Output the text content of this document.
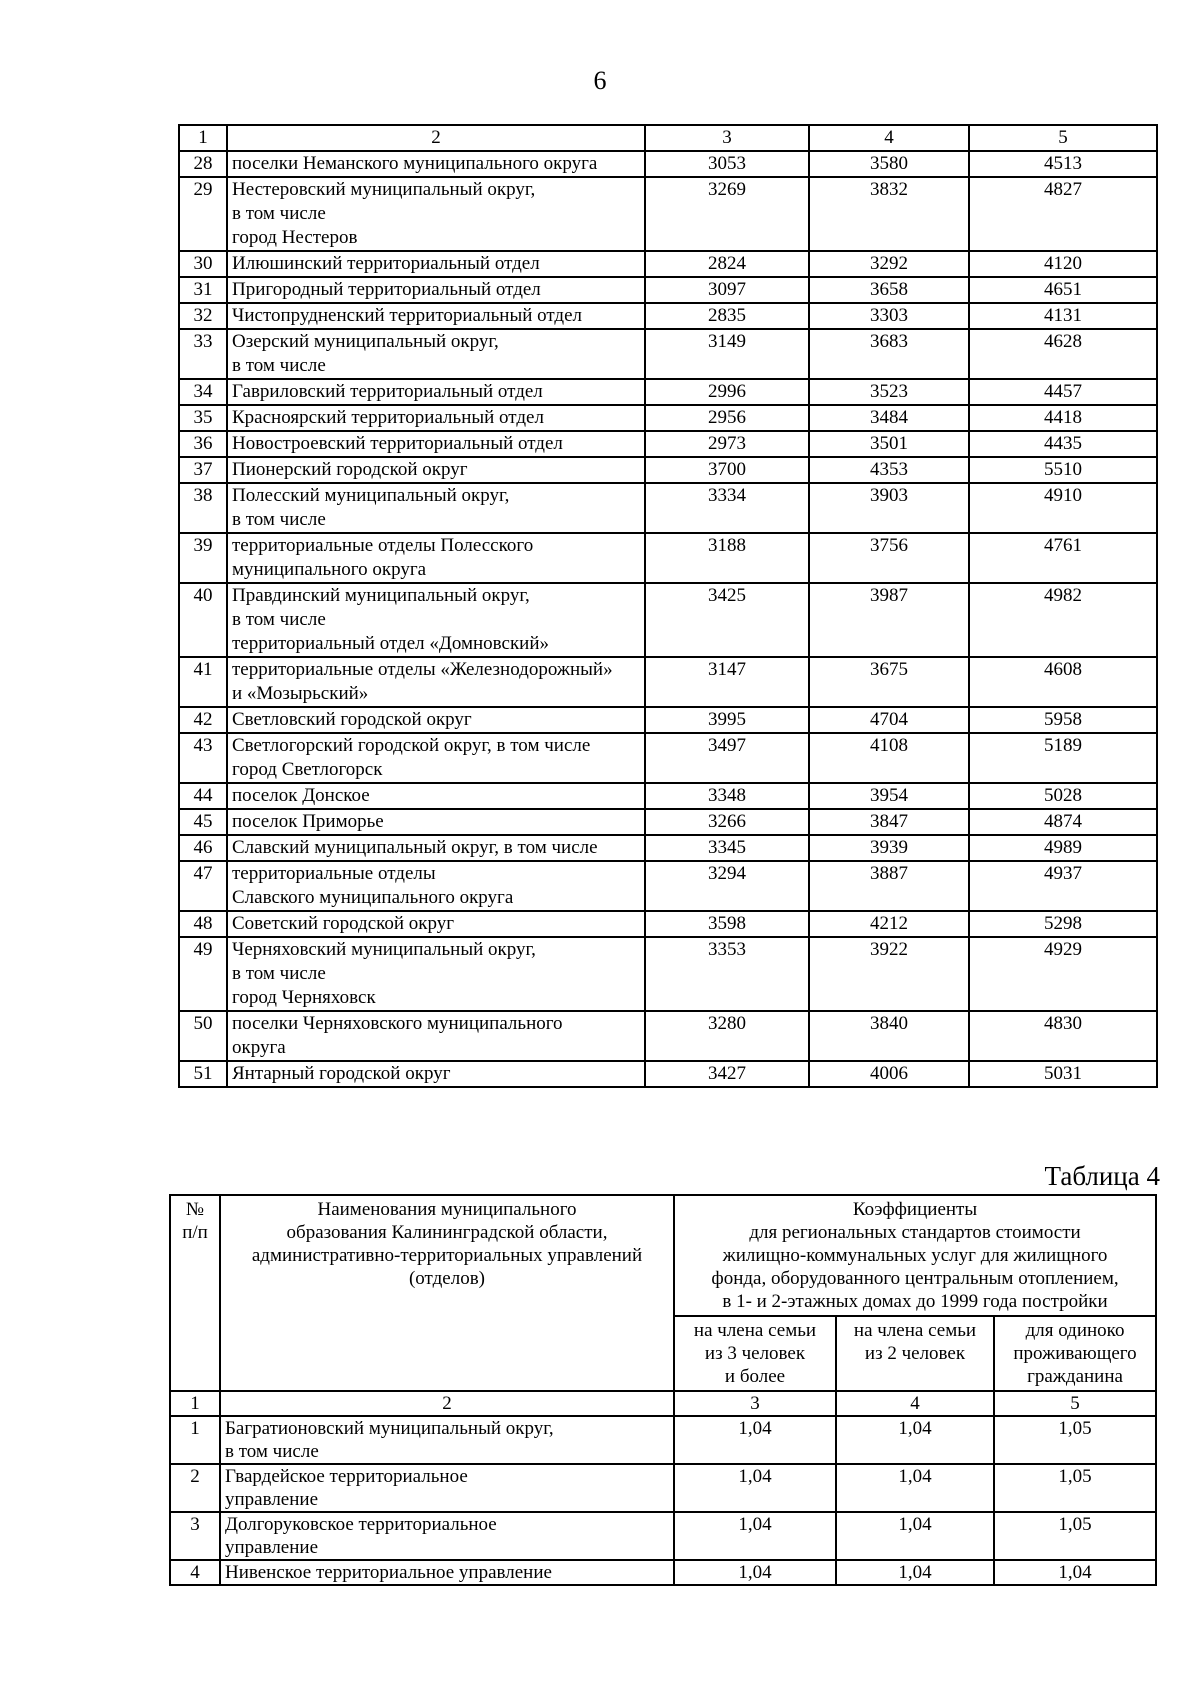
6
1	2	3	4	5
28	поселки Неманского муниципального округа	3053	3580	4513
29	Нестеровский муниципальный округ,
в том числе
город Нестеров	3269	3832	4827
30	Илюшинский территориальный отдел	2824	3292	4120
31	Пригородный территориальный отдел	3097	3658	4651
32	Чистопрудненский территориальный отдел	2835	3303	4131
33	Озерский муниципальный округ,
в том числе	3149	3683	4628
34	Гавриловский территориальный отдел	2996	3523	4457
35	Красноярский территориальный отдел	2956	3484	4418
36	Новостроевский территориальный отдел	2973	3501	4435
37	Пионерский городской округ	3700	4353	5510
38	Полесский муниципальный округ,
в том числе	3334	3903	4910
39	территориальные отделы Полесского
муниципального округа	3188	3756	4761
40	Правдинский муниципальный округ,
в том числе
территориальный отдел «Домновский»	3425	3987	4982
41	территориальные отделы «Железнодорожный»
и «Мозырьский»	3147	3675	4608
42	Светловский городской округ	3995	4704	5958
43	Светлогорский городской округ, в том числе
город Светлогорск	3497	4108	5189
44	поселок Донское	3348	3954	5028
45	поселок Приморье	3266	3847	4874
46	Славский муниципальный округ, в том числе	3345	3939	4989
47	территориальные отделы
Славского муниципального округа	3294	3887	4937
48	Советский городской округ	3598	4212	5298
49	Черняховский муниципальный округ,
в том числе
город Черняховск	3353	3922	4929
50	поселки Черняховского муниципального
округа	3280	3840	4830
51	Янтарный городской округ	3427	4006	5031
Таблица 4
№
п/п	Наименования муниципального
образования Калининградской области,
административно-территориальных управлений
(отделов)	Коэффициенты
для региональных стандартов стоимости
жилищно-коммунальных услуг для жилищного
фонда, оборудованного центральным отоплением,
в 1- и 2-этажных домах до 1999 года постройки		

		на члена семьи
из 3 человек
и более	на члена семьи
из 2 человек	для одиноко
проживающего
гражданина

1	2	3	4	5
1	Багратионовский муниципальный округ,
в том числе	1,04	1,04	1,05
2	Гвардейское территориальное
управление	1,04	1,04	1,05
3	Долгоруковское территориальное
управление	1,04	1,04	1,05
4	Нивенское территориальное управление	1,04	1,04	1,04
